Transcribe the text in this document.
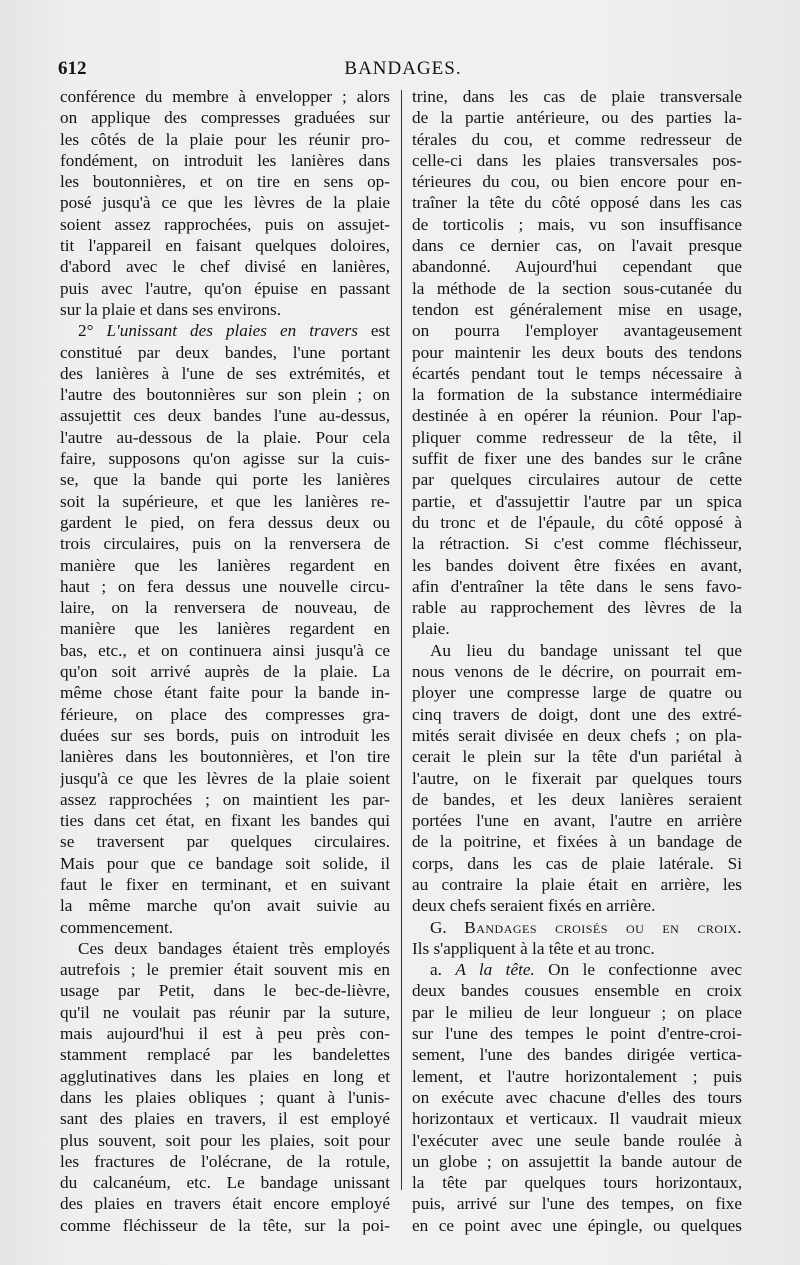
612	BANDAGES.
conférence du membre à envelopper ; alors
on applique des compresses graduées sur
les côtés de la plaie pour les réunir pro-
fondément, on introduit les lanières dans
les boutonnières, et on tire en sens op-
posé jusqu'à ce que les lèvres de la plaie
soient assez rapprochées, puis on assujet-
tit l'appareil en faisant quelques doloires,
d'abord avec le chef divisé en lanières,
puis avec l'autre, qu'on épuise en passant
sur la plaie et dans ses environs.
2° L'unissant des plaies en travers est
constitué par deux bandes, l'une portant
des lanières à l'une de ses extrémités, et
l'autre des boutonnières sur son plein ; on
assujettit ces deux bandes l'une au-dessus,
l'autre au-dessous de la plaie. Pour cela
faire, supposons qu'on agisse sur la cuis-
se, que la bande qui porte les lanières
soit la supérieure, et que les lanières re-
gardent le pied, on fera dessus deux ou
trois circulaires, puis on la renversera de
manière que les lanières regardent en
haut ; on fera dessus une nouvelle circu-
laire, on la renversera de nouveau, de
manière que les lanières regardent en
bas, etc., et on continuera ainsi jusqu'à ce
qu'on soit arrivé auprès de la plaie. La
même chose étant faite pour la bande in-
férieure, on place des compresses gra-
duées sur ses bords, puis on introduit les
lanières dans les boutonnières, et l'on tire
jusqu'à ce que les lèvres de la plaie soient
assez rapprochées ; on maintient les par-
ties dans cet état, en fixant les bandes qui
se traversent par quelques circulaires.
Mais pour que ce bandage soit solide, il
faut le fixer en terminant, et en suivant
la même marche qu'on avait suivie au
commencement.
Ces deux bandages étaient très employés
autrefois ; le premier était souvent mis en
usage par Petit, dans le bec-de-lièvre,
qu'il ne voulait pas réunir par la suture,
mais aujourd'hui il est à peu près con-
stamment remplacé par les bandelettes
agglutinatives dans les plaies en long et
dans les plaies obliques ; quant à l'unis-
sant des plaies en travers, il est employé
plus souvent, soit pour les plaies, soit pour
les fractures de l'olécrane, de la rotule,
du calcanéum, etc. Le bandage unissant
des plaies en travers était encore employé
comme fléchisseur de la tête, sur la poi-
trine, dans les cas de plaie transversale
de la partie antérieure, ou des parties la-
térales du cou, et comme redresseur de
celle-ci dans les plaies transversales pos-
térieures du cou, ou bien encore pour en-
traîner la tête du côté opposé dans les cas
de torticolis ; mais, vu son insuffisance
dans ce dernier cas, on l'avait presque
abandonné. Aujourd'hui cependant que
la méthode de la section sous-cutanée du
tendon est généralement mise en usage,
on pourra l'employer avantageusement
pour maintenir les deux bouts des tendons
écartés pendant tout le temps nécessaire à
la formation de la substance intermédiaire
destinée à en opérer la réunion. Pour l'ap-
pliquer comme redresseur de la tête, il
suffit de fixer une des bandes sur le crâne
par quelques circulaires autour de cette
partie, et d'assujettir l'autre par un spica
du tronc et de l'épaule, du côté opposé à
la rétraction. Si c'est comme fléchisseur,
les bandes doivent être fixées en avant,
afin d'entraîner la tête dans le sens favo-
rable au rapprochement des lèvres de la
plaie.
Au lieu du bandage unissant tel que
nous venons de le décrire, on pourrait em-
ployer une compresse large de quatre ou
cinq travers de doigt, dont une des extré-
mités serait divisée en deux chefs ; on pla-
cerait le plein sur la tête d'un pariétal à
l'autre, on le fixerait par quelques tours
de bandes, et les deux lanières seraient
portées l'une en avant, l'autre en arrière
de la poitrine, et fixées à un bandage de
corps, dans les cas de plaie latérale. Si
au contraire la plaie était en arrière, les
deux chefs seraient fixés en arrière.
G. Bandages croisés ou en croix.
Ils s'appliquent à la tête et au tronc.
a. A la tête. On le confectionne avec
deux bandes cousues ensemble en croix
par le milieu de leur longueur ; on place
sur l'une des tempes le point d'entre-croi-
sement, l'une des bandes dirigée vertica-
lement, et l'autre horizontalement ; puis
on exécute avec chacune d'elles des tours
horizontaux et verticaux. Il vaudrait mieux
l'exécuter avec une seule bande roulée à
un globe ; on assujettit la bande autour de
la tête par quelques tours horizontaux,
puis, arrivé sur l'une des tempes, on fixe
en ce point avec une épingle, ou quelques
